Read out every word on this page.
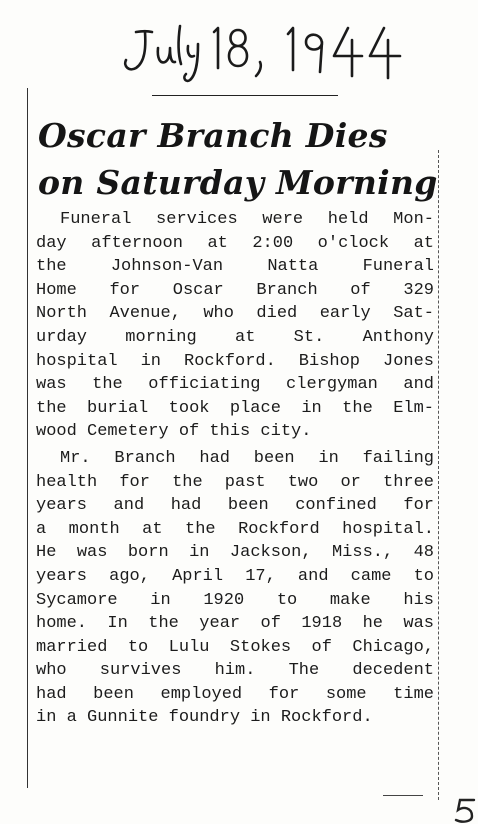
Oscar Branch Dies
on Saturday Morning

Funeral services were held Mon-
day afternoon at 2:00 o'clock at
the Johnson-Van Natta Funeral
Home for Oscar Branch of 329
North Avenue, who died early Sat-
urday morning at St. Anthony
hospital in Rockford. Bishop Jones
was the officiating clergyman and
the burial took place in the Elm-
wood Cemetery of this city.

Mr. Branch had been in failing
health for the past two or three
years and had been confined for
a month at the Rockford hospital.
He was born in Jackson, Miss., 48
years ago, April 17, and came to
Sycamore in 1920 to make his
home. In the year of 1918 he was
married to Lulu Stokes of Chicago,
who survives him. The decedent
had been employed for some time
in a Gunnite foundry in Rockford.
